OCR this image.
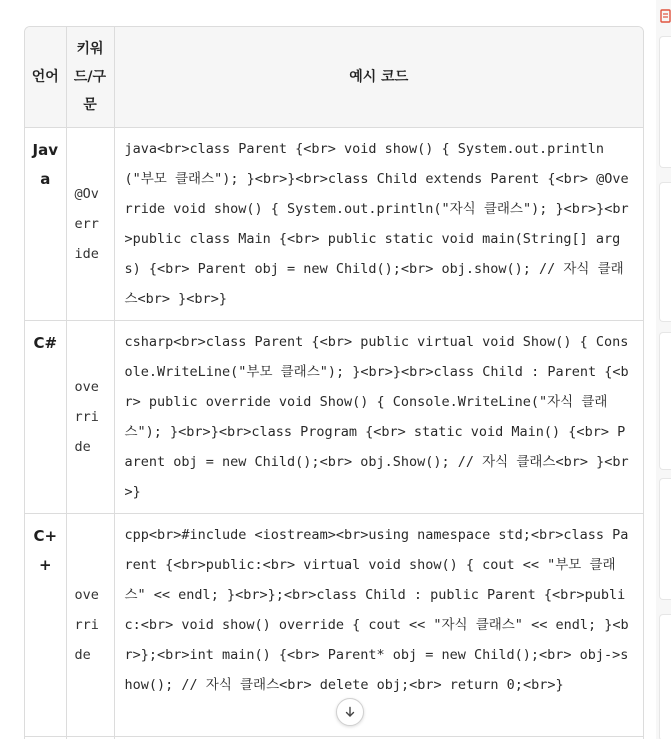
언어	키워드/구문	예시 코드
Java	@Override	java<br>class Parent {<br> void show() { System.out.println("부모 클래스"); }<br>}<br>class Child extends Parent {<br> @Override void show() { System.out.println("자식 클래스"); }<br>}<br>public class Main {<br> public static void main(String[] args) {<br> Parent obj = new Child();<br> obj.show(); // 자식 클래스<br> }<br>}
C#	override	csharp<br>class Parent {<br> public virtual void Show() { Console.WriteLine("부모 클래스"); }<br>}<br>class Child : Parent {<br> public override void Show() { Console.WriteLine("자식 클래스"); }<br>}<br>class Program {<br> static void Main() {<br> Parent obj = new Child();<br> obj.Show(); // 자식 클래스<br> }<br>}
C++	override	cpp<br>#include <iostream><br>using namespace std;<br>class Parent {<br>public:<br> virtual void show() { cout << "부모 클래스" << endl; }<br>};<br>class Child : public Parent {<br>public:<br> void show() override { cout << "자식 클래스" << endl; }<br>};<br>int main() {<br> Parent* obj = new Child();<br> obj->show(); // 자식 클래스<br> delete obj;<br> return 0;<br>}
